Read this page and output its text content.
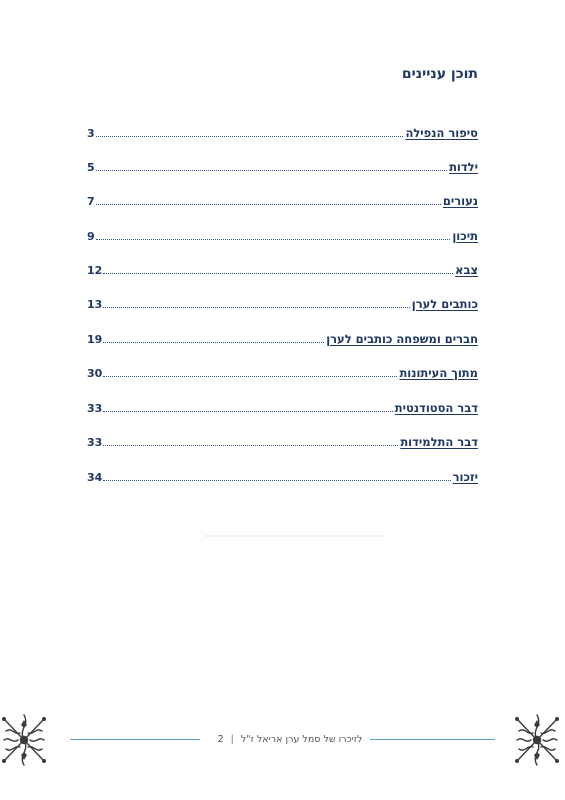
תוכן עניינים
3	סיפור הנפילה
5	ילדות
7	נעורים
9	תיכון
12	צבא
13	כותבים לערן
19	חברים ומשפחה כותבים לערן
30	מתוך העיתונות
33	דבר הסטודנטית
33	דבר התלמידות
34	יזכור
2 | לזיכרו של סמל ערן אריאל ז"ל
